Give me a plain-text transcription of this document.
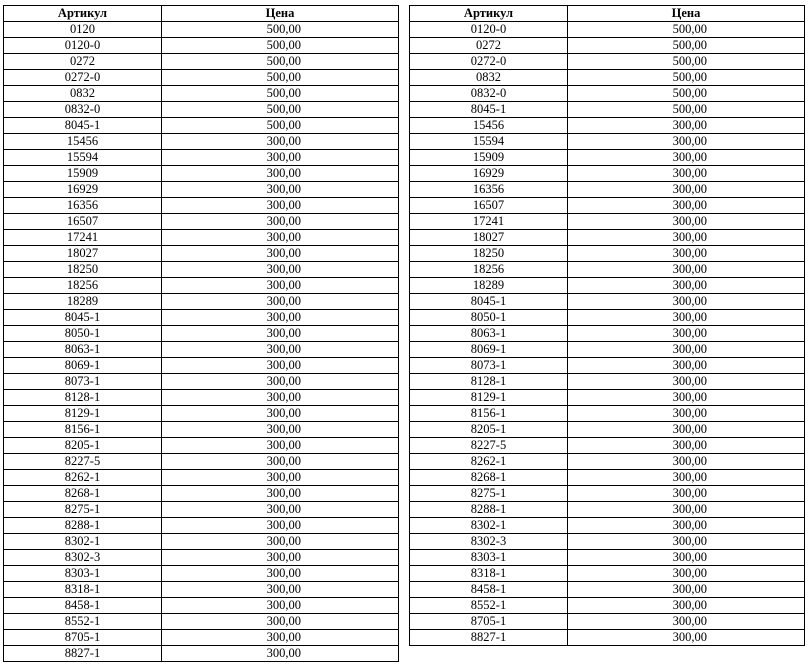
Артикул	Цена
0120	500,00
0120-0	500,00
0272	500,00
0272-0	500,00
0832	500,00
0832-0	500,00
8045-1	500,00
15456	300,00
15594	300,00
15909	300,00
16929	300,00
16356	300,00
16507	300,00
17241	300,00
18027	300,00
18250	300,00
18256	300,00
18289	300,00
8045-1	300,00
8050-1	300,00
8063-1	300,00
8069-1	300,00
8073-1	300,00
8128-1	300,00
8129-1	300,00
8156-1	300,00
8205-1	300,00
8227-5	300,00
8262-1	300,00
8268-1	300,00
8275-1	300,00
8288-1	300,00
8302-1	300,00
8302-3	300,00
8303-1	300,00
8318-1	300,00
8458-1	300,00
8552-1	300,00
8705-1	300,00
8827-1	300,00
Артикул	Цена
0120-0	500,00
0272	500,00
0272-0	500,00
0832	500,00
0832-0	500,00
8045-1	500,00
15456	300,00
15594	300,00
15909	300,00
16929	300,00
16356	300,00
16507	300,00
17241	300,00
18027	300,00
18250	300,00
18256	300,00
18289	300,00
8045-1	300,00
8050-1	300,00
8063-1	300,00
8069-1	300,00
8073-1	300,00
8128-1	300,00
8129-1	300,00
8156-1	300,00
8205-1	300,00
8227-5	300,00
8262-1	300,00
8268-1	300,00
8275-1	300,00
8288-1	300,00
8302-1	300,00
8302-3	300,00
8303-1	300,00
8318-1	300,00
8458-1	300,00
8552-1	300,00
8705-1	300,00
8827-1	300,00
